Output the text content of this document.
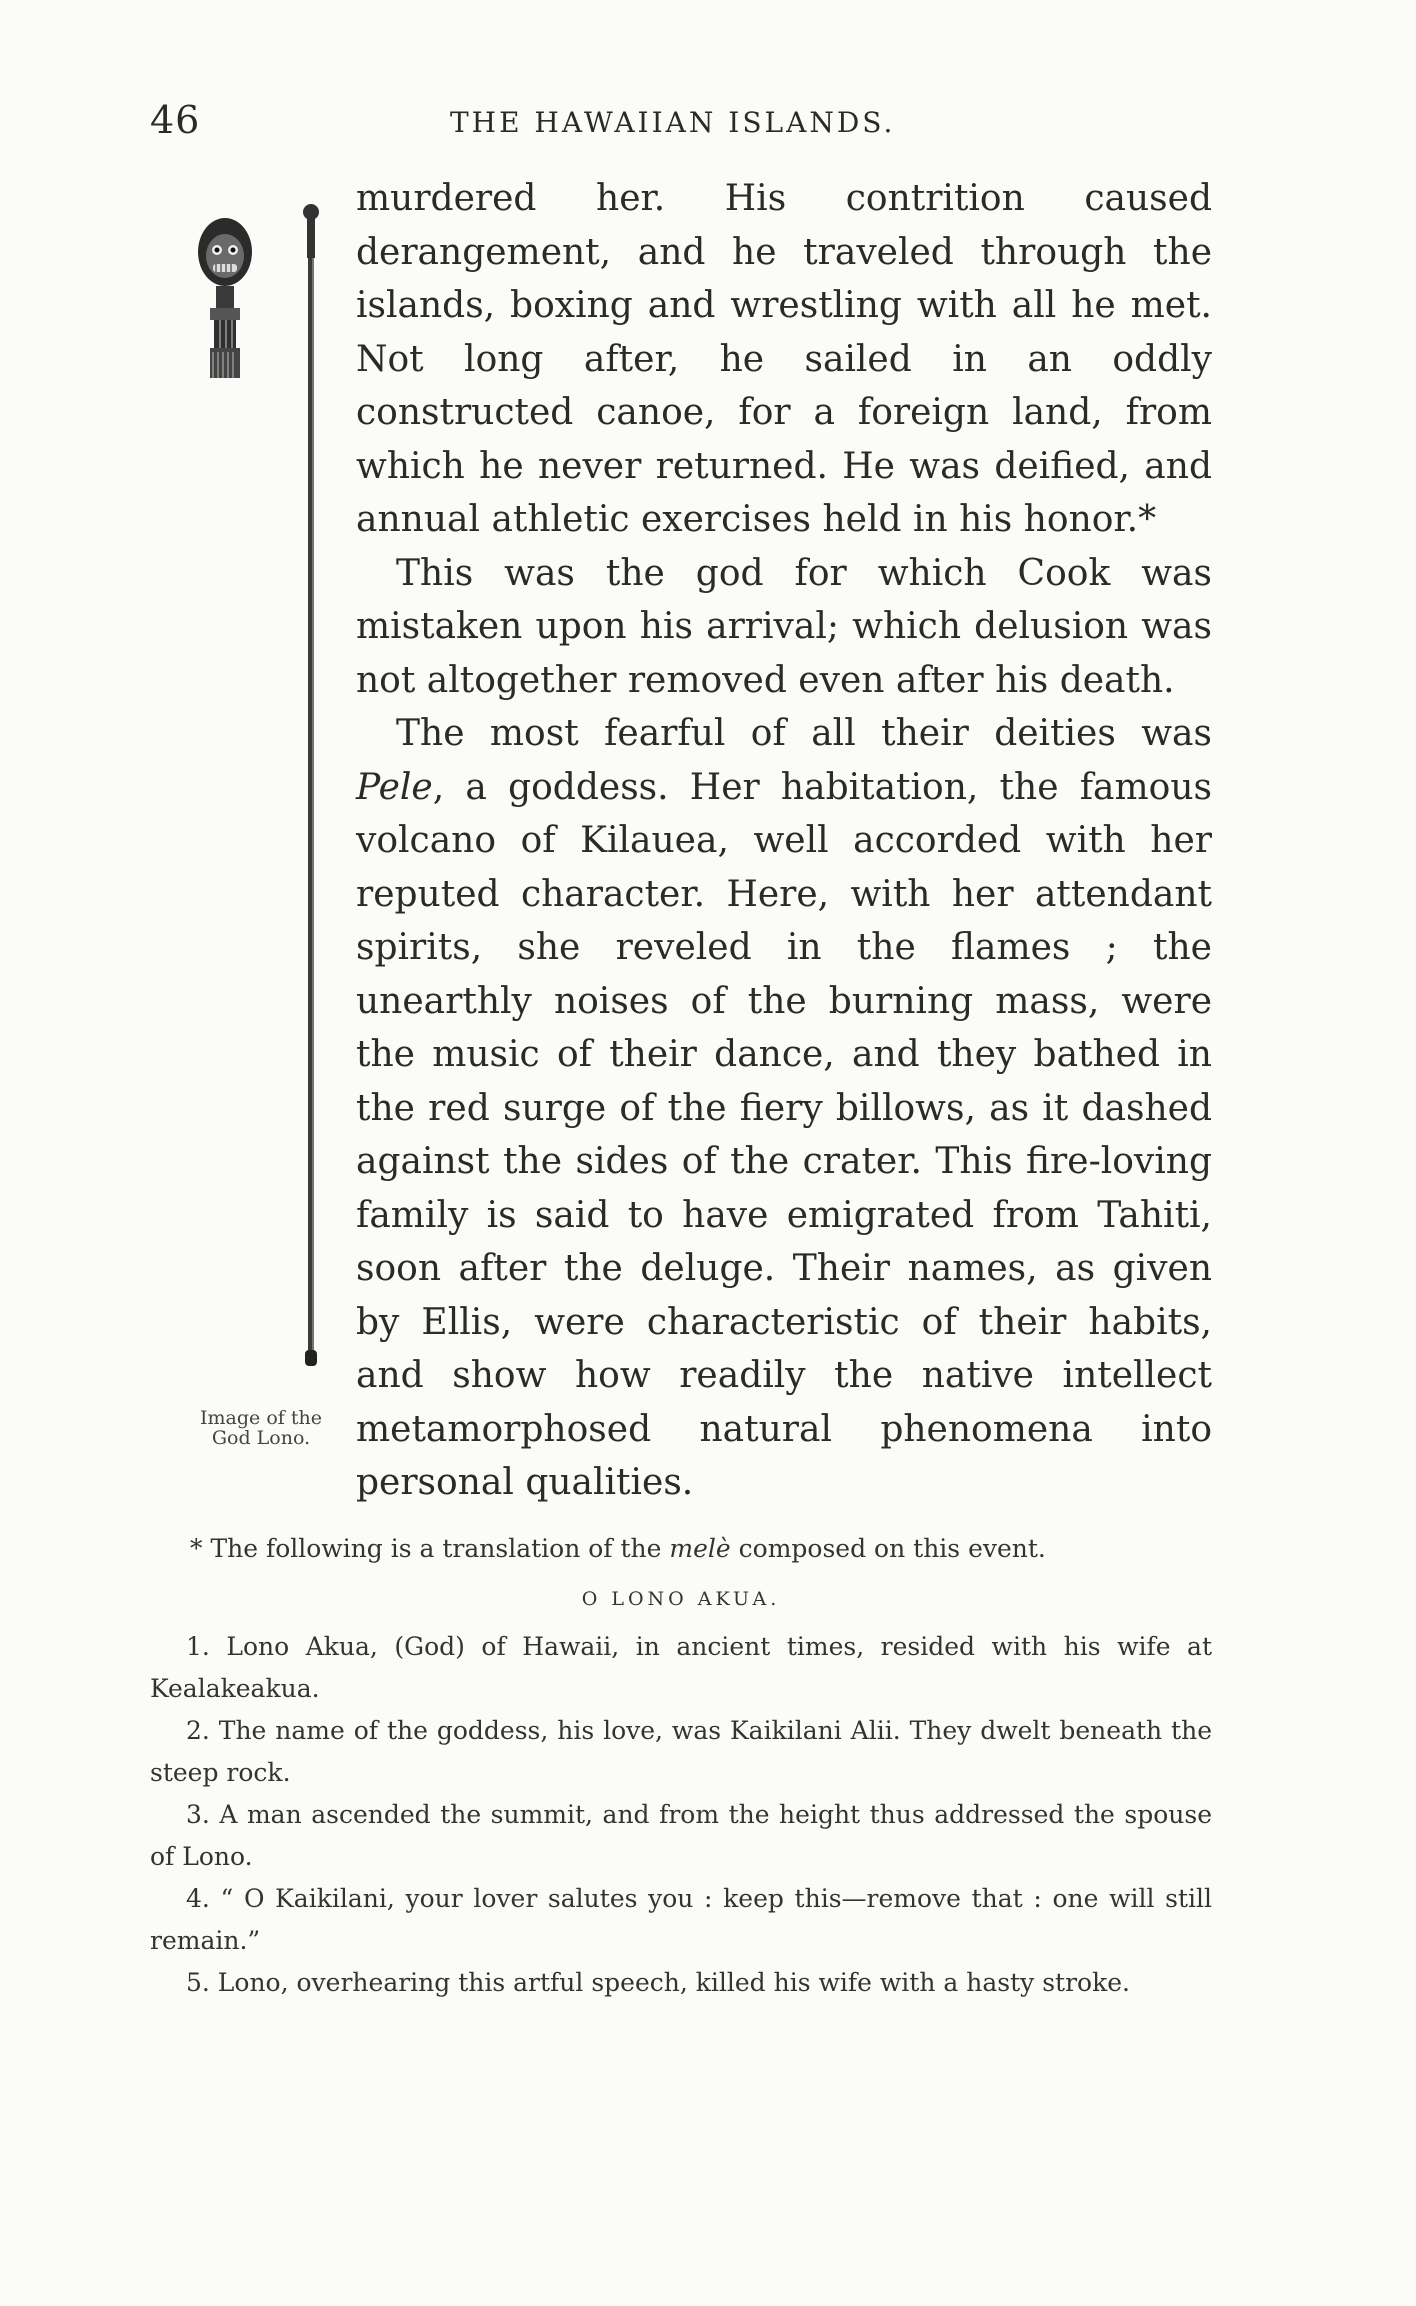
46	THE HAWAIIAN ISLANDS.
Image of the
God Lono.

murdered her. His contrition caused derangement, and he traveled through the islands, boxing and wrestling with all he met. Not long after, he sailed in an oddly constructed canoe, for a foreign land, from which he never returned. He was deified, and annual athletic exercises held in his honor.*

This was the god for which Cook was mistaken upon his arrival; which delusion was not altogether removed even after his death.

The most fearful of all their deities was Pele, a goddess. Her habitation, the famous volcano of Kilauea, well accorded with her reputed character. Here, with her attendant spirits, she reveled in the flames ; the unearthly noises of the burning mass, were the music of their dance, and they bathed in the red surge of the fiery billows, as it dashed against the sides of the crater. This fire-loving family is said to have emigrated from Tahiti, soon after the deluge. Their names, as given by Ellis, were characteristic of their habits, and show how readily the native intellect metamorphosed natural phenomena into personal qualities.

* The following is a translation of the melè composed on this event.

O LONO AKUA.

1. Lono Akua, (God) of Hawaii, in ancient times, resided with his wife at Kealakeakua.

2. The name of the goddess, his love, was Kaikilani Alii. They dwelt beneath the steep rock.

3. A man ascended the summit, and from the height thus addressed the spouse of Lono.

4. “ O Kaikilani, your lover salutes you : keep this—remove that : one will still remain.”

5. Lono, overhearing this artful speech, killed his wife with a hasty stroke.
